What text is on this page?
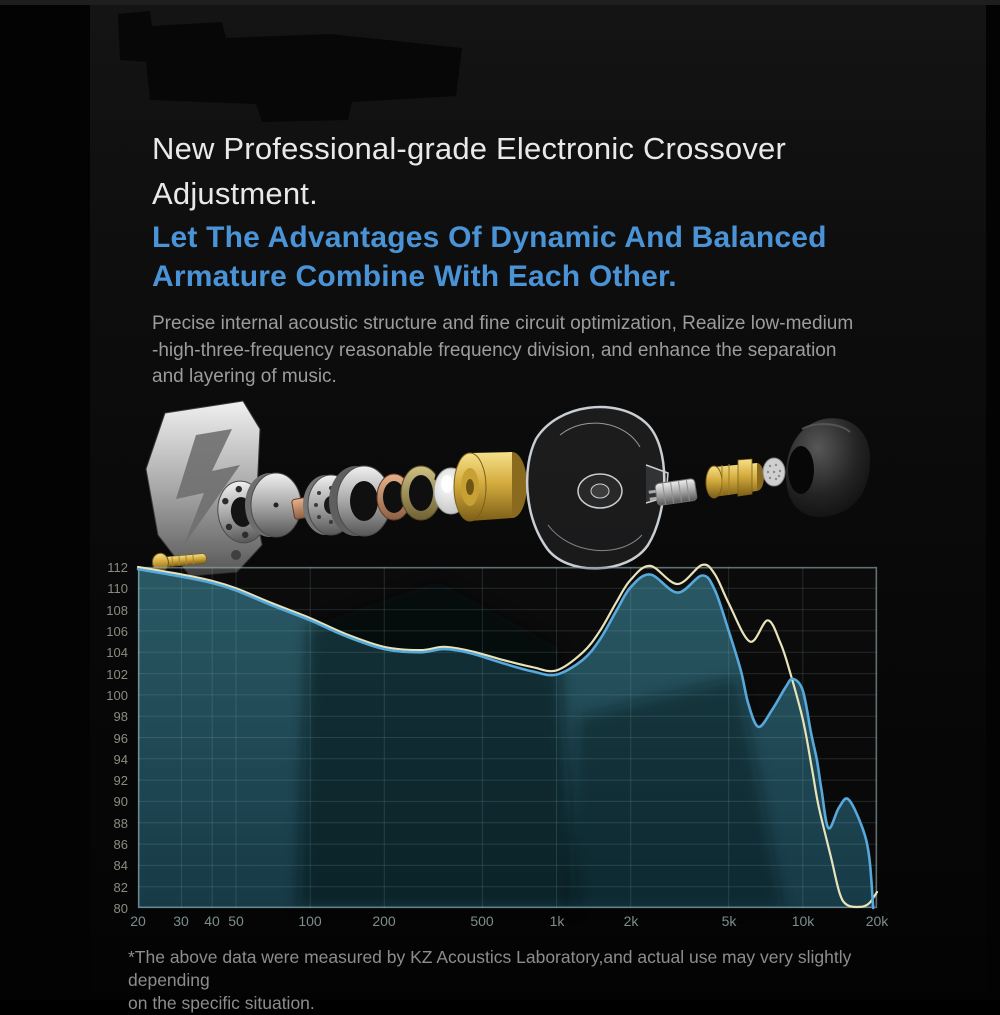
New Professional-grade Electronic Crossover
Adjustment.
Let The Advantages Of Dynamic And Balanced
Armature Combine With Each Other.
Precise internal acoustic structure and fine circuit optimization, Realize low-medium
-high-three-frequency reasonable frequency division, and enhance the separation
and layering of music.
112
110
108
106
104
102
100
98
96
94
92
90
88
86
84
82
80
20	30	40 50	100	200	500	1k	2k	5k	10k	20k
*The above data were measured by KZ Acoustics Laboratory,and actual use may very slightly depending
on the specific situation.
